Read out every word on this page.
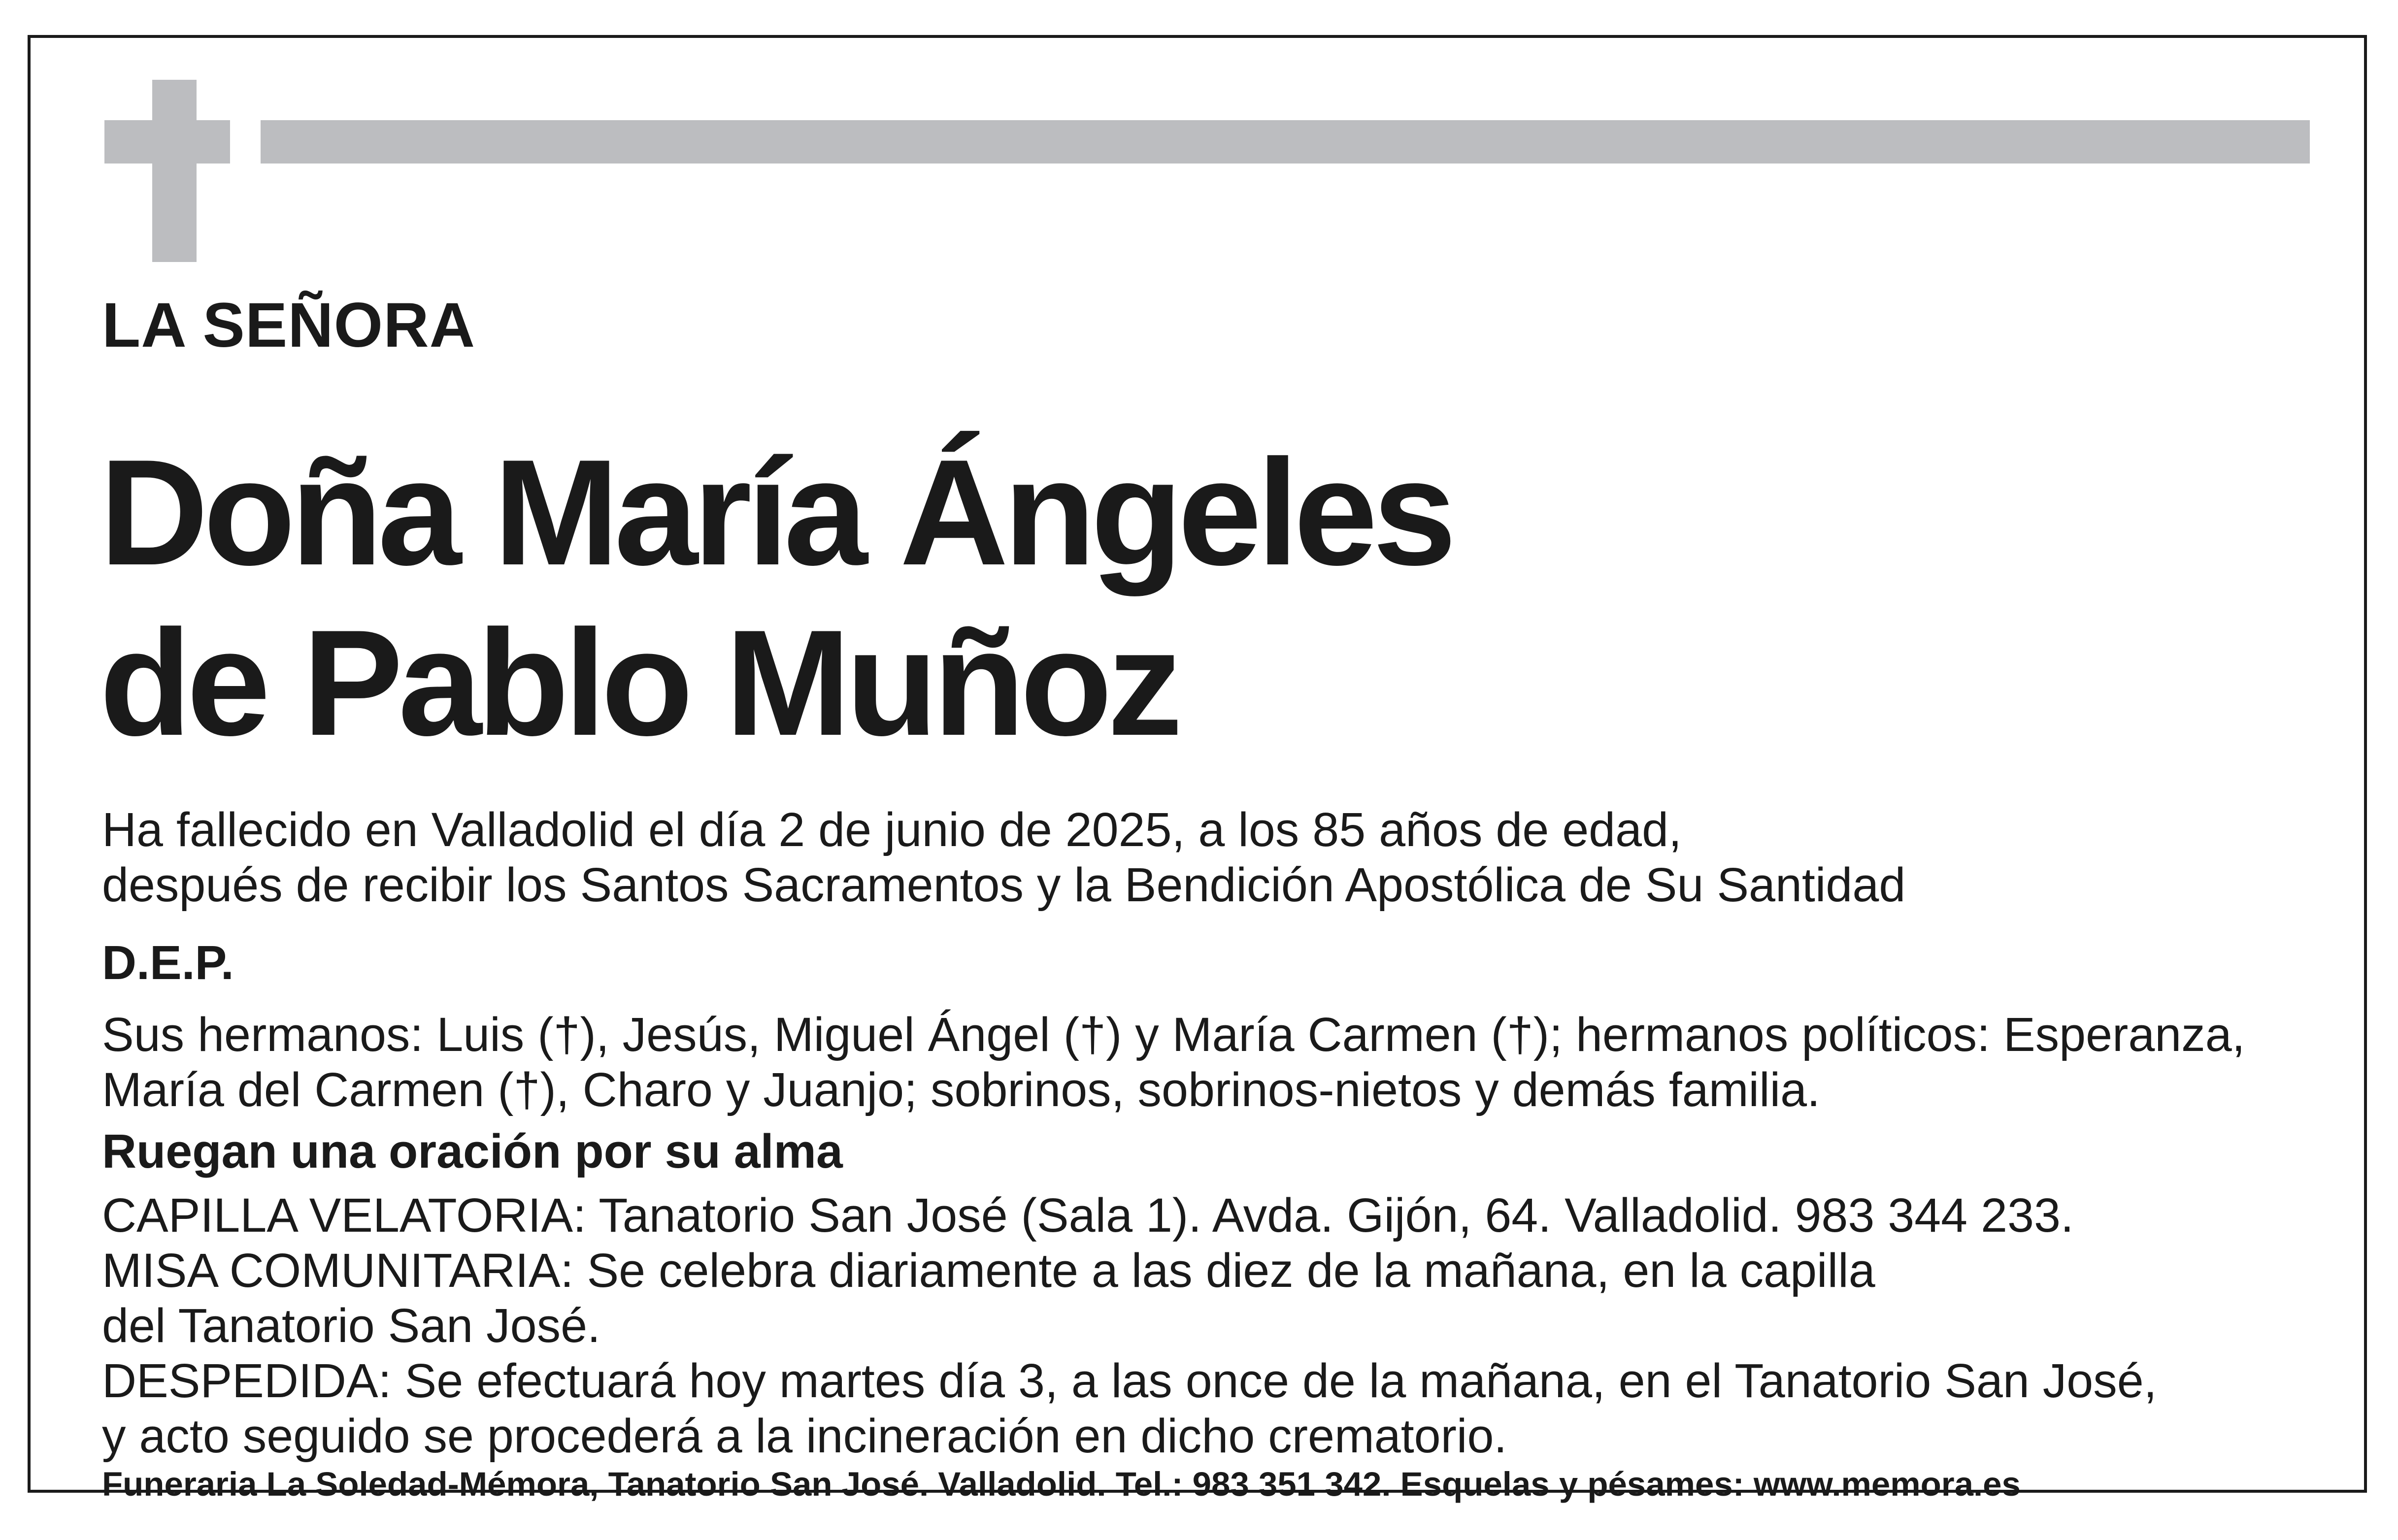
LA SEÑORA
Doña María Ángeles
de Pablo Muñoz
Ha fallecido en Valladolid el día 2 de junio de 2025, a los 85 años de edad,
después de recibir los Santos Sacramentos y la Bendición Apostólica de Su Santidad
D.E.P.
Sus hermanos: Luis (†), Jesús, Miguel Ángel (†) y María Carmen (†); hermanos políticos: Esperanza,
María del Carmen (†), Charo y Juanjo; sobrinos, sobrinos-nietos y demás familia.
Ruegan una oración por su alma
CAPILLA VELATORIA: Tanatorio San José (Sala 1). Avda. Gijón, 64. Valladolid. 983 344 233.
MISA COMUNITARIA: Se celebra diariamente a las diez de la mañana, en la capilla
del Tanatorio San José.
DESPEDIDA: Se efectuará hoy martes día 3, a las once de la mañana, en el Tanatorio San José,
y acto seguido se procederá a la incineración en dicho crematorio.
Funeraria La Soledad-Mémora, Tanatorio San José. Valladolid. Tel.: 983 351 342. Esquelas y pésames: www.memora.es
